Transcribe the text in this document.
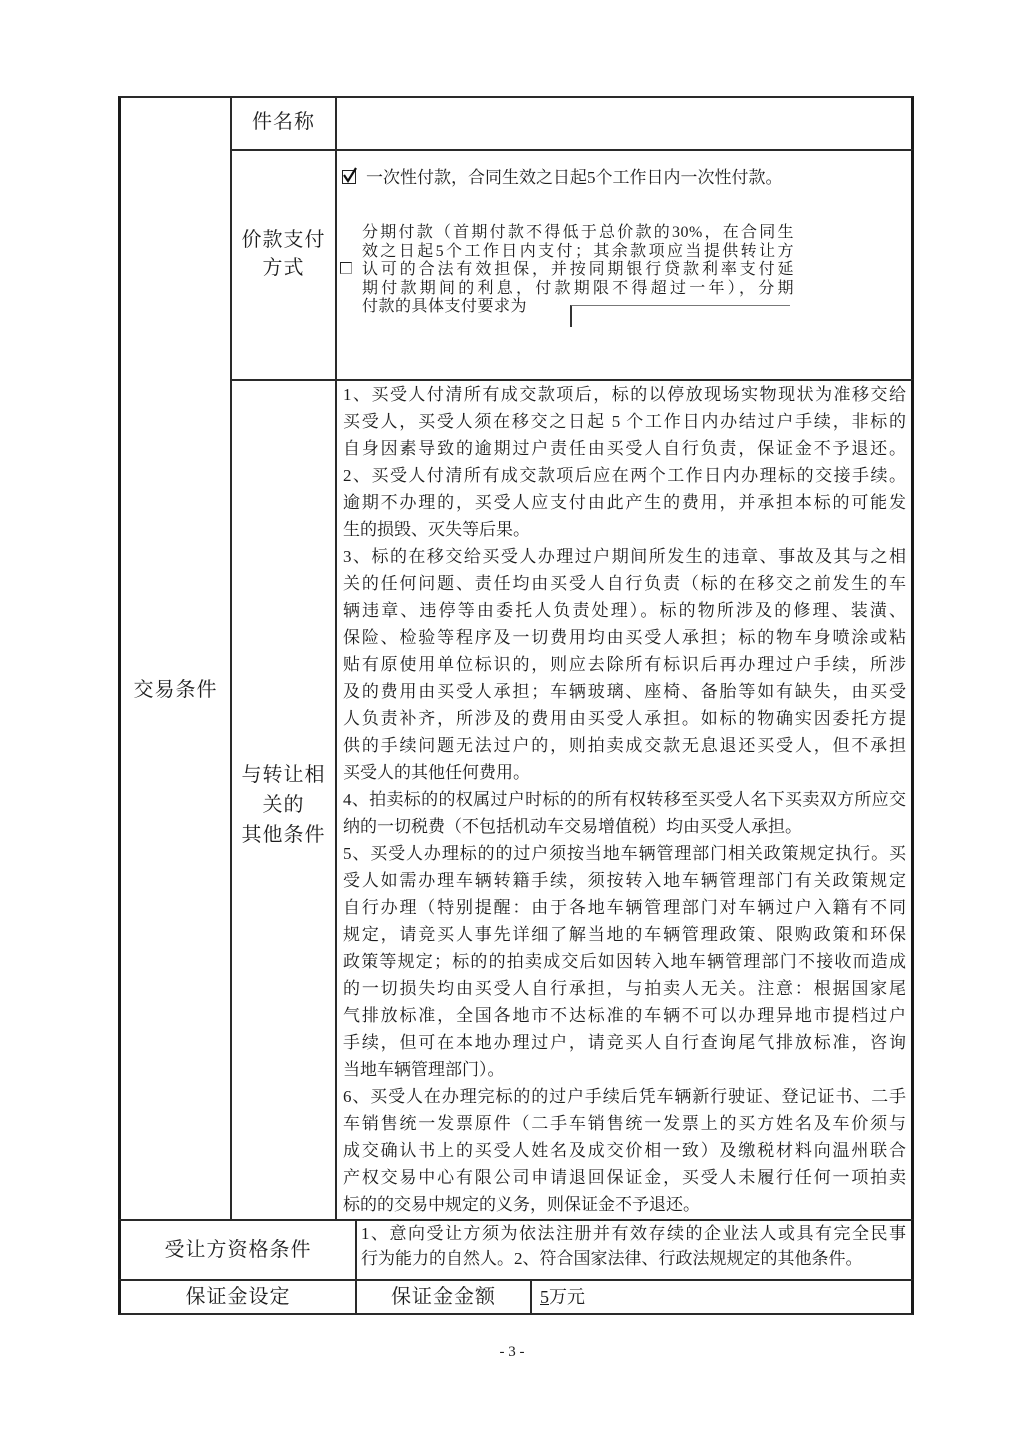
交易条件
件名称
价款支付
方式
一次性付款，合同生效之日起5个工作日内一次性付款。
分期付款（首期付款不得低于总价款的30%，在合同生
效之日起5个工作日内支付；其余款项应当提供转让方
认可的合法有效担保，并按同期银行贷款利率支付延
期付款期间的利息，付款期限不得超过一年），分期
付款的具体支付要求为
与转让相
关的
其他条件
1、买受人付清所有成交款项后，标的以停放现场实物现状为准移交给
买受人，买受人须在移交之日起 5 个工作日内办结过户手续，非标的
自身因素导致的逾期过户责任由买受人自行负责，保证金不予退还。
2、买受人付清所有成交款项后应在两个工作日内办理标的交接手续。
逾期不办理的，买受人应支付由此产生的费用，并承担本标的可能发
生的损毁、灭失等后果。
3、标的在移交给买受人办理过户期间所发生的违章、事故及其与之相
关的任何问题、责任均由买受人自行负责（标的在移交之前发生的车
辆违章、违停等由委托人负责处理）。标的物所涉及的修理、装潢、
保险、检验等程序及一切费用均由买受人承担；标的物车身喷涂或粘
贴有原使用单位标识的，则应去除所有标识后再办理过户手续，所涉
及的费用由买受人承担；车辆玻璃、座椅、备胎等如有缺失，由买受
人负责补齐，所涉及的费用由买受人承担。如标的物确实因委托方提
供的手续问题无法过户的，则拍卖成交款无息退还买受人，但不承担
买受人的其他任何费用。
4、拍卖标的的权属过户时标的的所有权转移至买受人名下买卖双方所应交
纳的一切税费（不包括机动车交易增值税）均由买受人承担。
5、买受人办理标的的过户须按当地车辆管理部门相关政策规定执行。买
受人如需办理车辆转籍手续，须按转入地车辆管理部门有关政策规定
自行办理（特别提醒：由于各地车辆管理部门对车辆过户入籍有不同
规定，请竞买人事先详细了解当地的车辆管理政策、限购政策和环保
政策等规定；标的的拍卖成交后如因转入地车辆管理部门不接收而造成
的一切损失均由买受人自行承担，与拍卖人无关。注意：根据国家尾
气排放标准，全国各地市不达标准的车辆不可以办理异地市提档过户
手续，但可在本地办理过户，请竞买人自行查询尾气排放标准，咨询
当地车辆管理部门）。
6、买受人在办理完标的的过户手续后凭车辆新行驶证、登记证书、二手
车销售统一发票原件（二手车销售统一发票上的买方姓名及车价须与
成交确认书上的买受人姓名及成交价相一致）及缴税材料向温州联合
产权交易中心有限公司申请退回保证金，买受人未履行任何一项拍卖
标的的交易中规定的义务，则保证金不予退还。
受让方资格条件
1、意向受让方须为依法注册并有效存续的企业法人或具有完全民事
行为能力的自然人。2、符合国家法律、行政法规规定的其他条件。
保证金设定	保证金金额	5万元
- 3 -
